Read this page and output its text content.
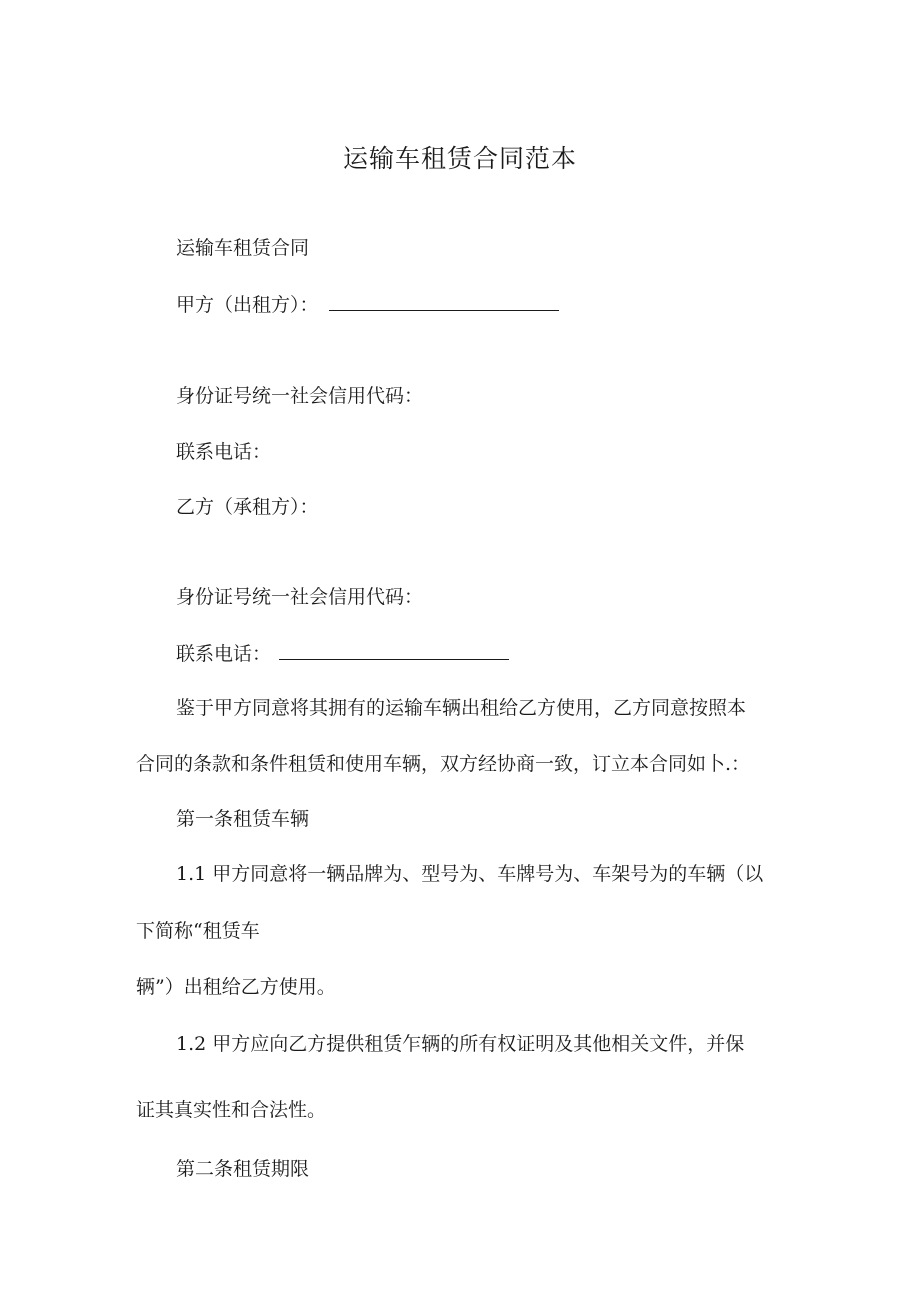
运输车租赁合同范本
运输车租赁合同
甲方（出租方）：
身份证号统一社会信用代码：
联系电话：
乙方（承租方）：
身份证号统一社会信用代码：
联系电话：
鉴于甲方同意将其拥有的运输车辆出租给乙方使用，乙方同意按照本
合同的条款和条件租赁和使用车辆，双方经协商一致，订立本合同如卜.：
第一条租赁车辆
1.1 甲方同意将一辆品牌为、型号为、车牌号为、车架号为的车辆（以
下简称“租赁车
辆”）出租给乙方使用。
1.2 甲方应向乙方提供租赁乍辆的所有权证明及其他相关文件，并保
证其真实性和合法性。
第二条租赁期限
